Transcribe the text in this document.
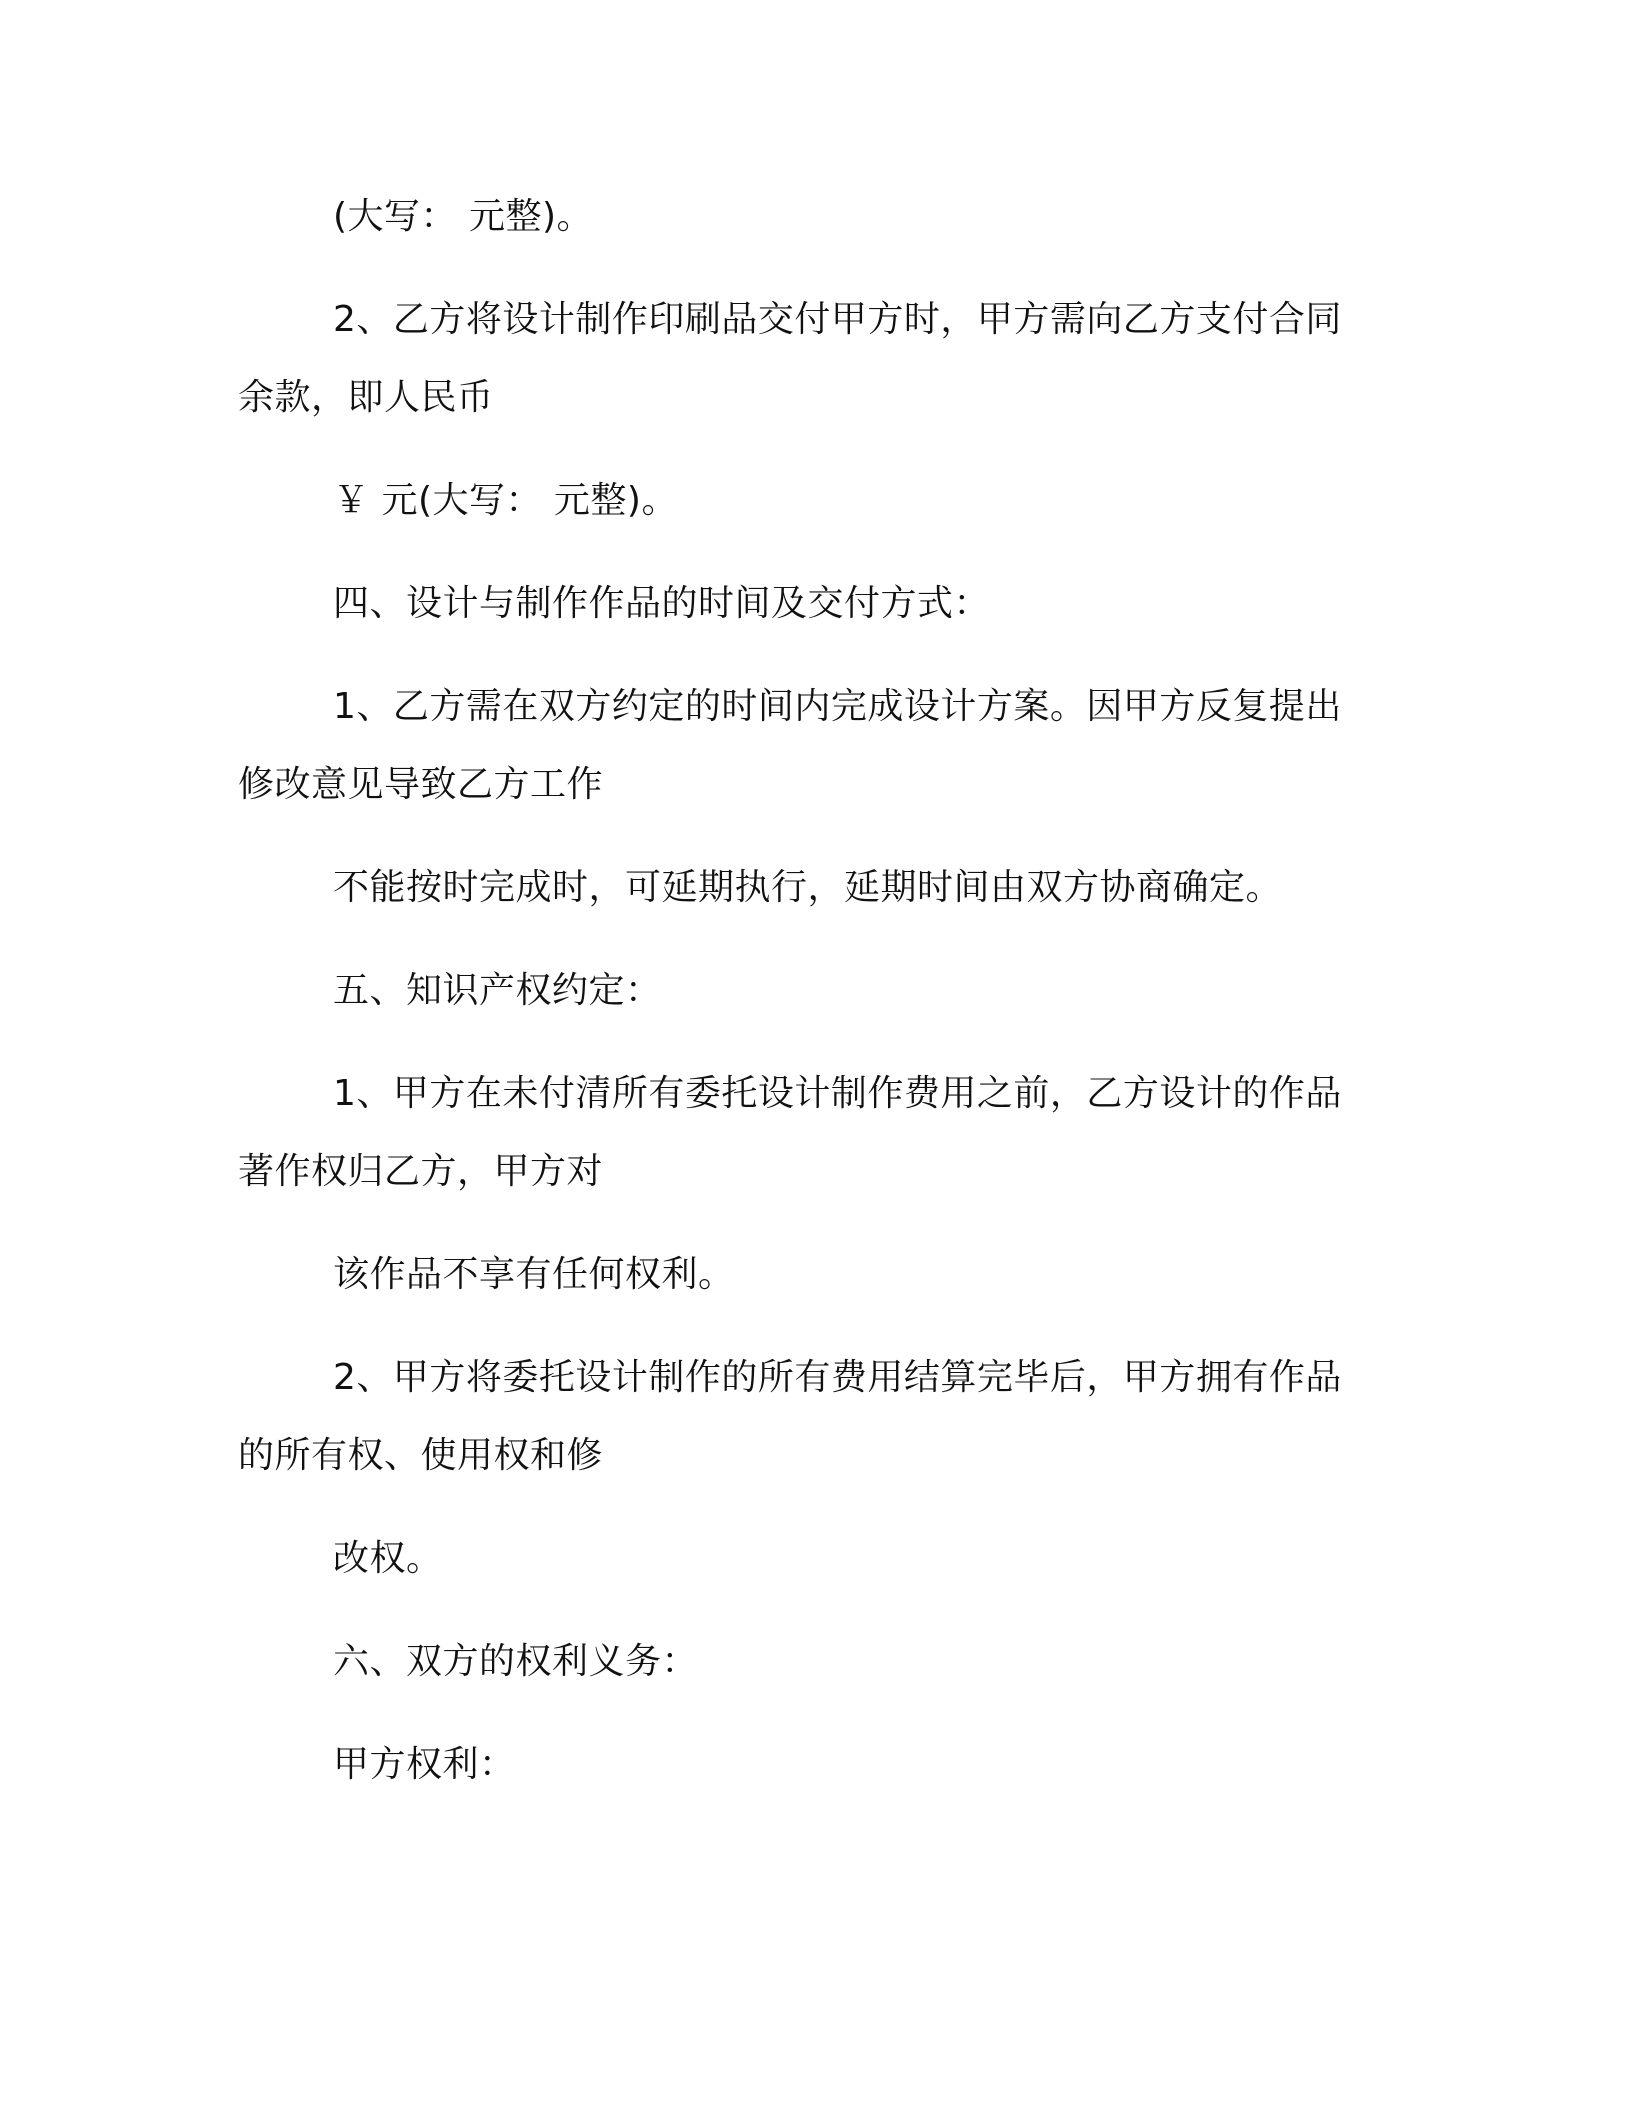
(大写： 元整)。
2、乙方将设计制作印刷品交付甲方时，甲方需向乙方支付合同
余款，即人民币
￥ 元(大写： 元整)。
四、设计与制作作品的时间及交付方式：
1、乙方需在双方约定的时间内完成设计方案。因甲方反复提出
修改意见导致乙方工作
不能按时完成时，可延期执行，延期时间由双方协商确定。
五、知识产权约定：
1、甲方在未付清所有委托设计制作费用之前，乙方设计的作品
著作权归乙方，甲方对
该作品不享有任何权利。
2、甲方将委托设计制作的所有费用结算完毕后，甲方拥有作品
的所有权、使用权和修
改权。
六、双方的权利义务：
甲方权利：
